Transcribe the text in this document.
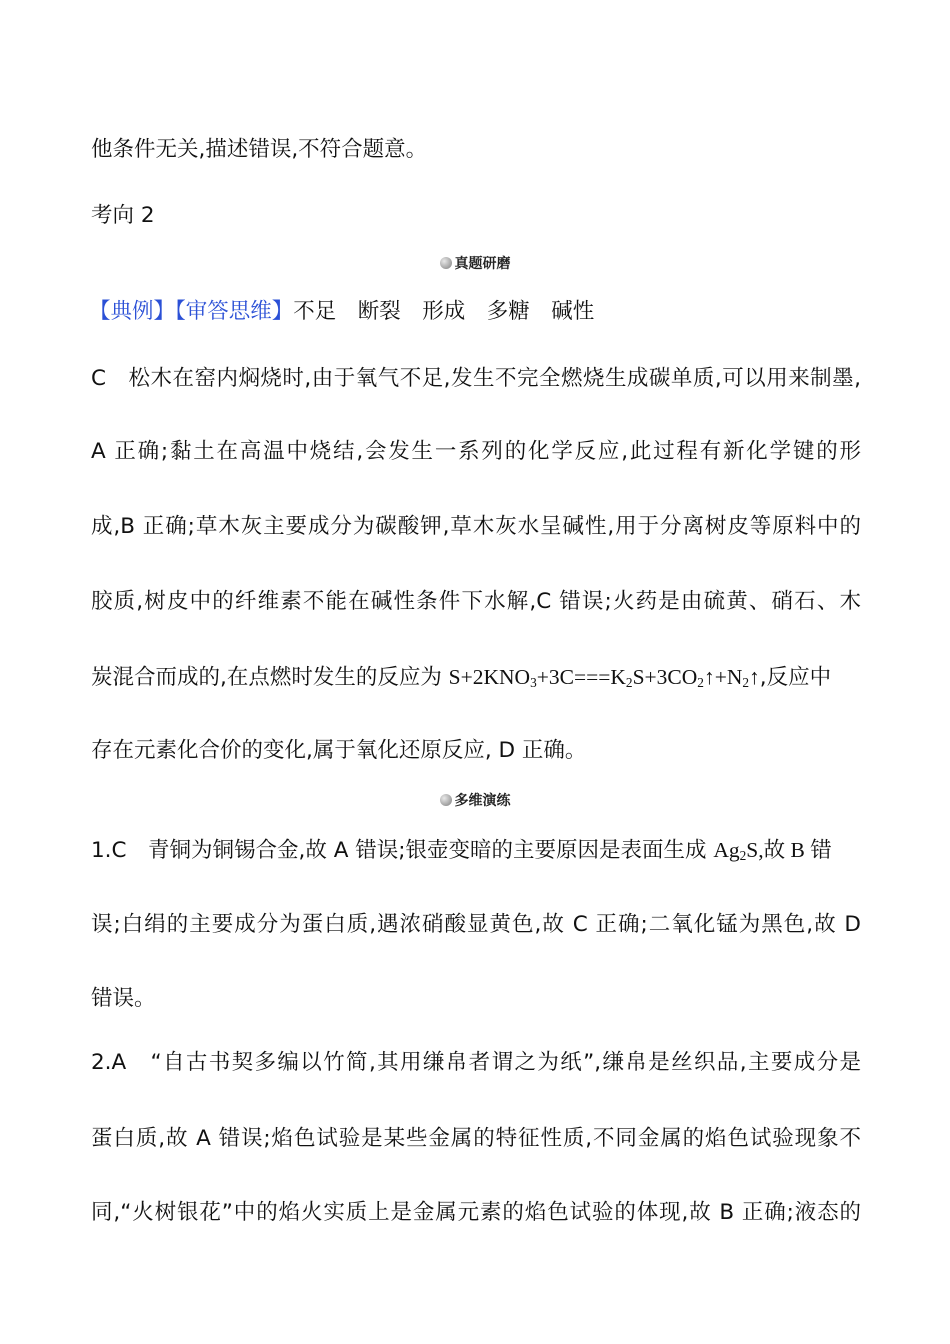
他条件无关,描述错误,不符合题意。
考向 2
真题研磨
【典例】【审答思维】不足　断裂　形成　多糖　碱性
C　松木在窑内焖烧时,由于氧气不足,发生不完全燃烧生成碳单质,可以用来制墨,
A 正确;黏土在高温中烧结,会发生一系列的化学反应,此过程有新化学键的形
成,B 正确;草木灰主要成分为碳酸钾,草木灰水呈碱性,用于分离树皮等原料中的
胶质,树皮中的纤维素不能在碱性条件下水解,C 错误;火药是由硫黄、硝石、木
炭混合而成的,在点燃时发生的反应为 $S+2KNO_3+3C===K_2S+3CO_2↑+N_2↑$,反应中
存在元素化合价的变化,属于氧化还原反应, D 正确。
多维演练
1.C　青铜为铜锡合金,故 A 错误;银壶变暗的主要原因是表面生成 $Ag_2S$,故 B 错
误;白绢的主要成分为蛋白质,遇浓硝酸显黄色,故 C 正确;二氧化锰为黑色,故 D
错误。
2.A　“自古书契多编以竹简,其用缣帛者谓之为纸”,缣帛是丝织品,主要成分是
蛋白质,故 A 错误;焰色试验是某些金属的特征性质,不同金属的焰色试验现象不
同,“火树银花”中的焰火实质上是金属元素的焰色试验的体现,故 B 正确;液态的
